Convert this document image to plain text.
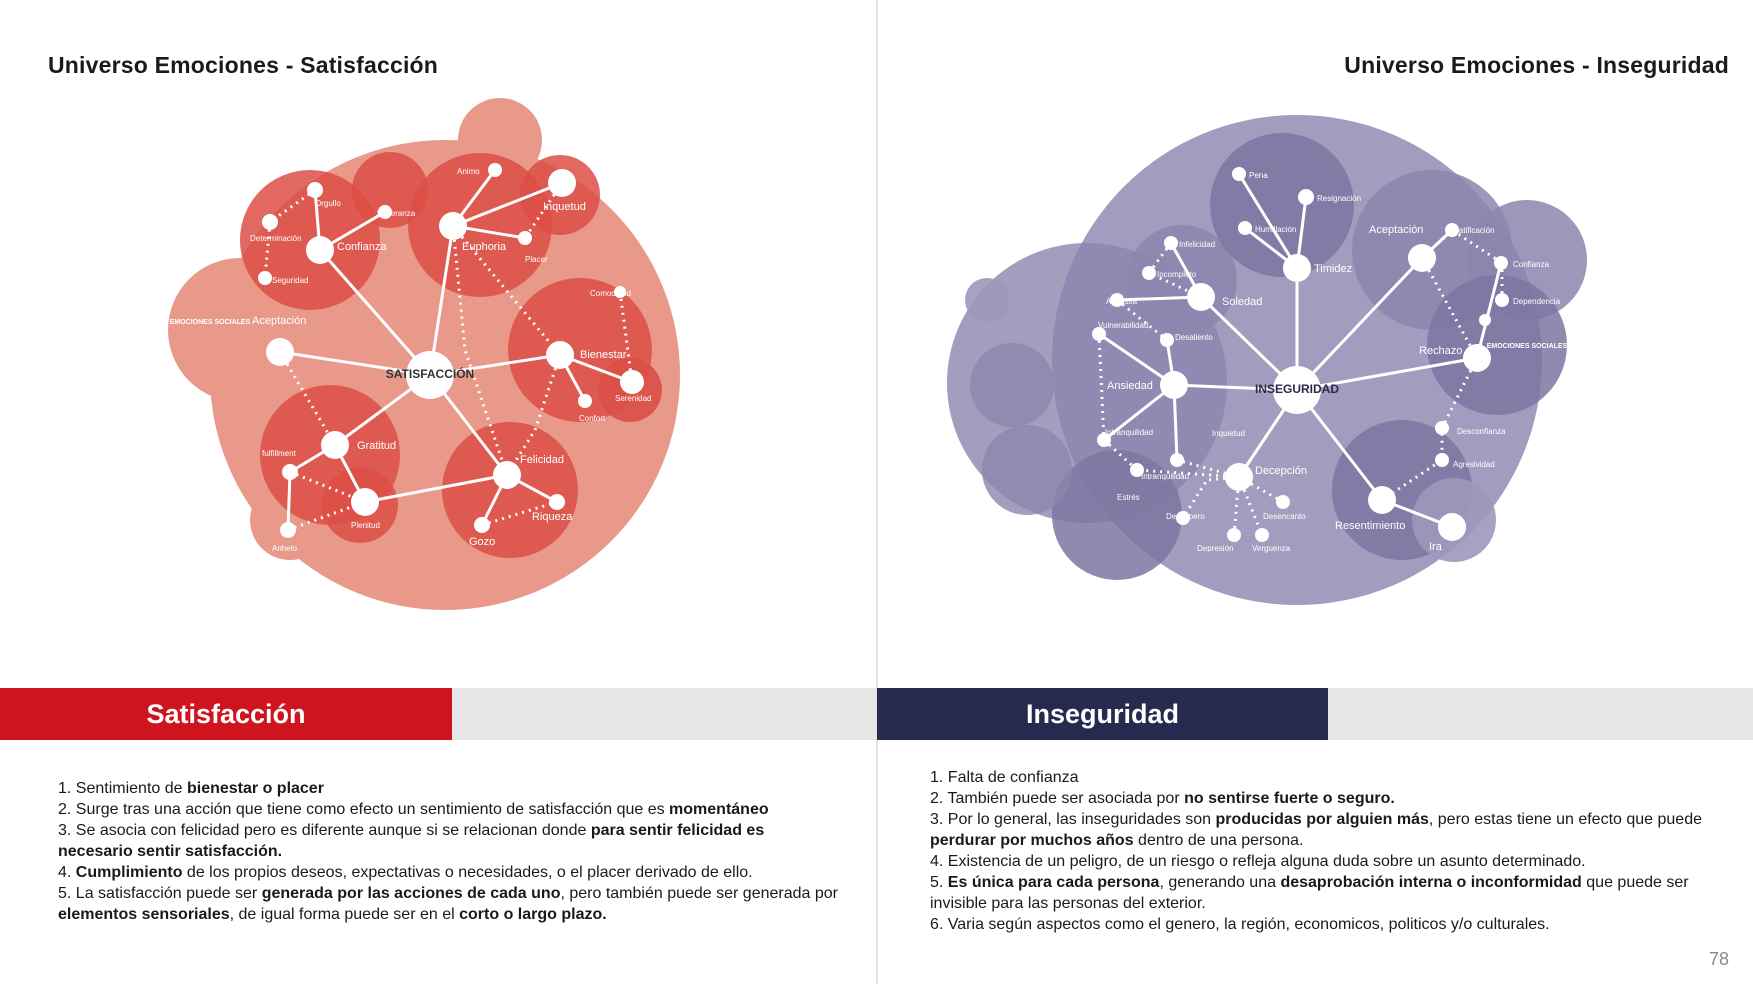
Universo Emociones - Satisfacción
SATISFACCIÓN
Animo
Inquetud
Orgullo
Esperanza
Euphoria
Determinación
Confianza
Placer
Seguridad
Comodidad
EMOCIONES SOCIALES Aceptación
Bienestar
Serenidad
Confort
fulfillment
Gratitud
Felicidad
Plenitud
Riqueza
Anhelo
Gozo
Satisfacción
1. Sentimiento de bienestar o placer
2. Surge tras una acción que tiene como efecto un sentimiento de satisfacción que es momentáneo
3. Se asocia con felicidad pero es diferente aunque si se relacionan donde para sentir felicidad es necesario sentir satisfacción.
4. Cumplimiento de los propios deseos, expectativas o necesidades, o el placer derivado de ello.
5. La satisfacción puede ser generada por las acciones de cada uno, pero también puede ser generada por elementos sensoriales, de igual forma puede ser en el corto o largo plazo.
Universo Emociones - Inseguridad
INSEGURIDAD
Pena
Resignación
Infelicidad
Humillación	Aceptación	Gratificación
Incompleto	Timidez	Confianza
Angustia	Soledad	Dependencia
Vulnerabilidad
Desaliento
EMOCIONES SOCIALES
Rechazo
Ansiedad
Desconfianza
Intranquilidad	Inquietud
Agresividad
Intranquilidad	Decepción
Estrés
Desespero	Desencanto
Resentimiento
Depresión Verguenza	Ira
Inseguridad
1. Falta de confianza
2. También puede ser asociada por no sentirse fuerte o seguro.
3. Por lo general, las inseguridades son producidas por alguien más, pero estas tiene un efecto que puede perdurar por muchos años dentro de una persona.
4. Existencia de un peligro, de un riesgo o refleja alguna duda sobre un asunto determinado.
5. Es única para cada persona, generando una desaprobación interna o inconformidad que puede ser invisible para las personas del exterior.
6. Varia según aspectos como el genero, la región, economicos, politicos y/o culturales.
78
